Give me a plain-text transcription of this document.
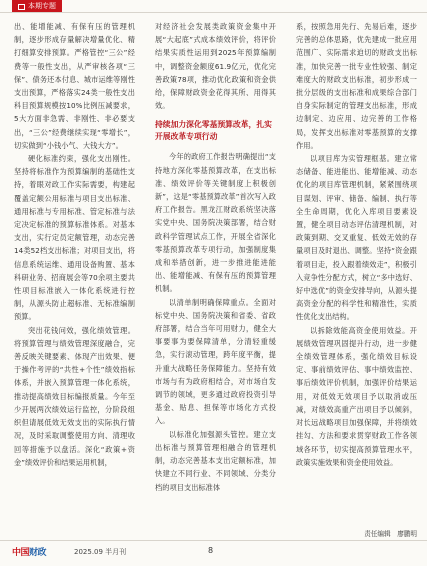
本期专题

出、能增能减、有保有压的管理机制，逐步形成存量解决增量优化、精打细算安排预算。严格管控“三公”经费等一般性支出，从严审核各项“三保”、债务还本付息、城市运维等刚性支出预算，严格落实24类一般性支出科目预算规模按10%比例压减要求，5大方面非急需、非刚性、非必要支出，“三公”经费继续实现“零增长”，切实做到“小钱小气、大钱大方”。

硬化标准约束，强化支出刚性。坚持将标准作为预算编制的基础性支持，着眼对政工作实际需要，构建起覆盖定额公用标准与项目支出标准、通用标准与专用标准、管定标准与法定决定标准的预算标准体系。对基本支出，实行定员定额管理，动态完善14类52档支出标准；对项目支出，将信息系统运维、通用设备购置、基本科研业务、招商展会等70余项主要共性项目标准嵌入一体化系统进行控制，从源头防止超标准、无标准编制预算。

突出花钱问效，强化绩效管理。将预算管理与绩效管理深度融合，完善反映关键要素、体现产出效果、便于操作考评的“共性+个性”绩效指标体系，并嵌入预算管理一体化系统，推动提高绩效目标编报质量。今年至少开展两次绩效运行监控，分阶段组织但请展低效无效支出的实际执行情况，及时采取调整使用方向、清理收回等措施予以盘活。深化“政策+资金”绩效评价和结果运用机制，

对经济社会发展类政策资金集中开展“大起底”式成本绩效评价，将评价结果实质性运用到2025年预算编制中，调整资金额度61.9亿元，优化完善政策78项，推动优化政策和资金供给，保障财政资金花得其所、用得其效。

持续加力深化零基预算改革，扎实开展改革专项行动

今年的政府工作报告明确提出“支持地方深化零基预算改革，在支出标准、绩效评价等关键制度上积极创新”，这是“零基预算改革”首次写入政府工作报告。黑龙江财政系统坚决落实党中央、国务院决策部署，结合财政科学管理试点工作，开展全省深化零基预算改革专项行动，加强制度集成和举措创新，进一步推进能进能出、能增能减、有保有压的预算管理机制。

以清单制明确保障重点。全面对标党中央、国务院决策和省委、省政府部署，结合当年可用财力，健全大事要事为要保障清单，分清轻重缓急，实行滚动管理，跨年度平衡，提升重大战略任务保障能力。坚持有效市场与有为政府相结合，对市场自发调节的领域，更多通过政府投资引导基金、贴息、担保等市场化方式投入。

以标准化加强源头管控。建立支出标准与预算管理相融合的管理机制，动态完善基本支出定额标准，加快建立不同行业、不同领域、分类分档的项目支出标准体

系，按照急用先行、先易后难，逐步完善的总体思路，优先建成一批应用范围广、实际需求迫切的财政支出标准，加快完善一批专业性较强、制定难度大的财政支出标准，初步形成一批分层级的支出标准和成果综合部门自身实际制定的管理支出标准，形成边制定、边应用、边完善的工作格局，发挥支出标准对零基预算的支撑作用。

以项目库为实管理框基。建立常态储备、能进能出、能增能减、动态优化的项目库管理机制，紧紧围绕项目谋划、评审、储备、编制、执行等全生命周期，优化入库项目要素设置，健全项目动态评估清理机制，对政策到期、交叉重复、低效无效的存量项目及时退出、调整。坚持“资金跟着项目走，投入跟着绩效走”，积极引入竞争性分配方式，树立“多中选好、好中选优”的资金安排导向，从源头提高资金分配的科学性和精准性，实质性优化支出结构。

以拆除效能高资金使用效益。开展绩效管理巩固提升行动，进一步健全绩效管理体系，强化绩效目标设定、事前绩效评估、事中绩效监控、事后绩效评价机制，加强评价结果运用，对低效无效项目予以取消或压减，对绩效高重产出项目予以倾斜，对长远战略项目加强保障，并将绩效挂勾、方法和要求贯穿财政工作各领域各环节，切实提高预算管理水平，政策实施效果和资金使用效益。

责任编辑　廖鹏明
中国财政	2025.09 半月刊	8
